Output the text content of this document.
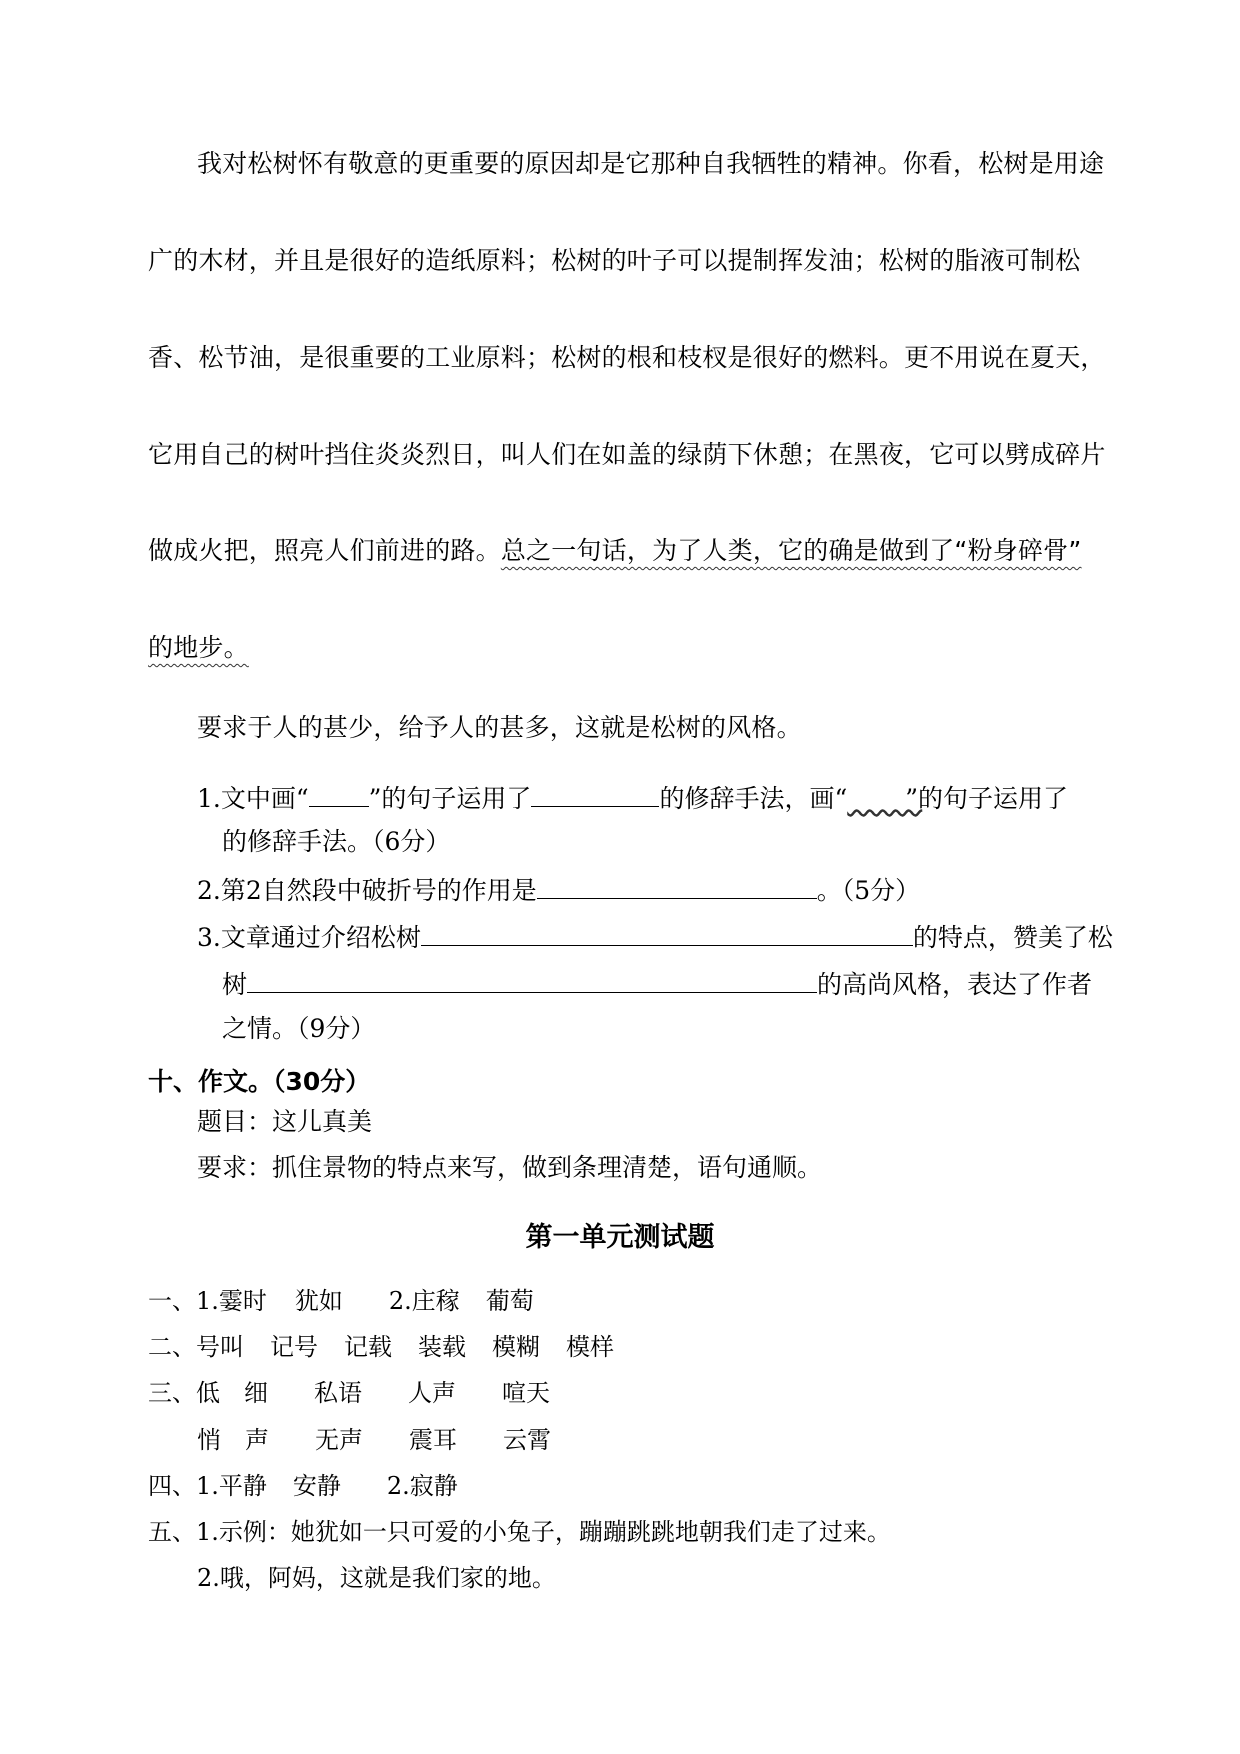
我对松树怀有敬意的更重要的原因却是它那种自我牺牲的精神。你看，松树是用途
广的木材，并且是很好的造纸原料；松树的叶子可以提制挥发油；松树的脂液可制松
香、松节油，是很重要的工业原料；松树的根和枝杈是很好的燃料。更不用说在夏天，
它用自己的树叶挡住炎炎烈日，叫人们在如盖的绿荫下休憩；在黑夜，它可以劈成碎片
做成火把，照亮人们前进的路。总之一句话，为了人类，它的确是做到了“粉身碎骨”
的地步。
要求于人的甚少，给予人的甚多，这就是松树的风格。
1.文中画“ ”的句子运用了	的修辞手法，画“　　　 ”的句子运用了
的修辞手法。（6分）
2.第2自然段中破折号的作用是	。（5分）
3.文章通过介绍松树	的特点，赞美了松
树	的高尚风格，表达了作者
之情。（9分）
十、作文。（30分）
题目：这儿真美
要求：抓住景物的特点来写，做到条理清楚，语句通顺。
第一单元测试题
一、1.霎时 犹如 2.庄稼 葡萄
二、号叫 记号 记载 装载 模糊 模样
三、低　细 私语 人声 喧天
悄　声 无声 震耳 云霄
四、1.平静 安静 2.寂静
五、1.示例：她犹如一只可爱的小兔子，蹦蹦跳跳地朝我们走了过来。
2.哦，阿妈，这就是我们家的地。
